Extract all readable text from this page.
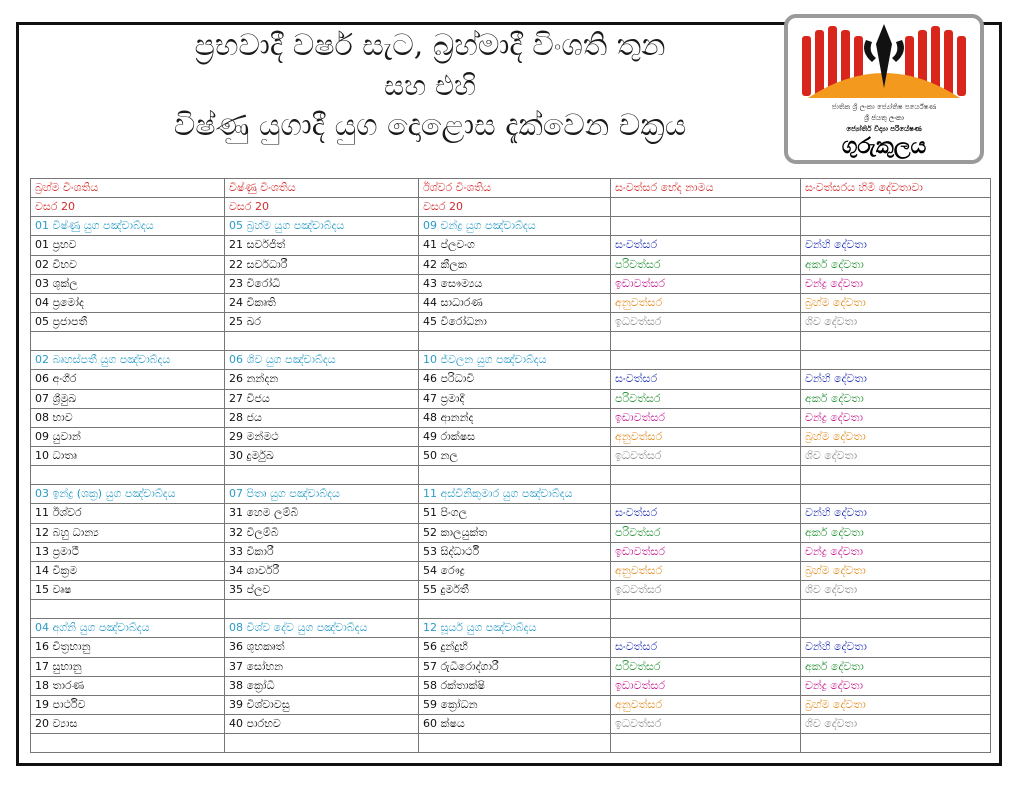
ප්‍රභවාදී වර්ෂ සැට, බ්‍රහ්මාදී විංශති තුන
සහ එහි
විෂ්ණු යුගාදී යුග දොළොස දැක්වෙන චක්‍රය
ජාතික ශ්‍රී ලංකා ජ්‍යෝතිෂ පර්යේෂණ
ශ්‍රී ජයතු ලංකා
ජ්‍යෝතිර් විද්‍යා පරියේෂණ
ගුරුකුලය
බ්‍රහ්ම විංශතිය	විෂ්ණු විංශතිය	ඊශ්වර විංශතිය	සංවත්සර භේද නාමය	සංවත්සරය හිමි දේවතාවා
වසර 20	වසර 20	වසර 20		
01 විෂ්ණු යුග පඤ්චාබ්දය	05 බ්‍රහ්ම යුග පඤ්චාබ්දය	09 චන්ද්‍ර යුග පඤ්චාබ්දය		
01 ප්‍රභව	21 සර්වජිත්	41 ප්ලවංග	සංවත්සර	වන්හි දේවතා
02 විභව	22 සර්වධාරී	42 කීලක	පරිවත්සර	අර්ක දේවතා
03 ශුක්ල	23 විරෝධී	43 සෞම්‍යය	ඉඩාවත්සර	චන්ද්‍ර දේවතා
04 ප්‍රමෝද	24 විකෘති	44 සාධාරණ	අනුවත්සර	බ්‍රහ්ම දේවතා
05 ප්‍රජාපතී	25 ඛර	45 විරෝධනා	ඉධවත්සර	ශිව දේවතා

02 බෘහස්පතී යුග පඤ්චාබ්දය	06 ශිව යුග පඤ්චාබ්දය	10 ජ්වලන යුග පඤ්චාබ්දය		
06 අංගීර	26 නන්දන	46 පරිධාවී	සංවත්සර	වන්හි දේවතා
07 ශ්‍රීමුඛ	27 විජය	47 ප්‍රමාදී	පරිවත්සර	අර්ක දේවතා
08 භාව	28 ජය	48 ආනන්ද	ඉඩාවත්සර	චන්ද්‍ර දේවතා
09 යුවාන්	29 මන්මථ	49 රාක්ෂස	අනුවත්සර	බ්‍රහ්ම දේවතා
10 ධාතෘ	30 දුර්මුඛ	50 නල	ඉධවත්සර	ශිව දේවතා

03 ඉන්ද්‍ර (ශක්‍ර) යුග පඤ්චාබ්දය	07 පිතෘ යුග පඤ්චාබ්දය	11 අස්විනිකුමාර යුග පඤ්චාබ්දය		
11 ඊශ්වර	31 හෙම ලම්බි	51 පිංගල	සංවත්සර	වන්හි දේවතා
12 බහු ධාන්‍ය	32 විලම්බි	52 කාලයුක්ත	පරිවත්සර	අර්ක දේවතා
13 ප්‍රමාථී	33 විකාරී	53 සිද්ධාර්ථී	ඉඩාවත්සර	චන්ද්‍ර දේවතා
14 වික්‍රම	34 ශාර්වරී	54 රෞද්‍ර	අනුවත්සර	බ්‍රහ්ම දේවතා
15 වෘෂ	35 ප්ලව	55 දුර්මතී	ඉධවත්සර	ශිව දේවතා

04 අග්නි යුග පඤ්චාබ්දය	08 විශ්ව දේව යුග පඤ්චාබ්දය	12 සූර්ය යුග පඤ්චාබ්දය		
16 චිත්‍රභානු	36 ශුභකෘත්	56 දුන්දුභී	සංවත්සර	වන්හි දේවතා
17 සුභානු	37 සෝභන	57 රුධිරොද්ගාරී	පරිවත්සර	අර්ක දේවතා
18 තාරණ	38 ක්‍රෝධී	58 රක්තාක්ෂි	ඉඩාවත්සර	චන්ද්‍ර දේවතා
19 පාර්ථිව	39 විශ්වාවසු	59 ක්‍රෝධන	අනුවත්සර	බ්‍රහ්ම දේවතා
20 ව්‍යාස	40 පාරභව	60 ක්ෂය	ඉධවත්සර	ශිව දේවතා
